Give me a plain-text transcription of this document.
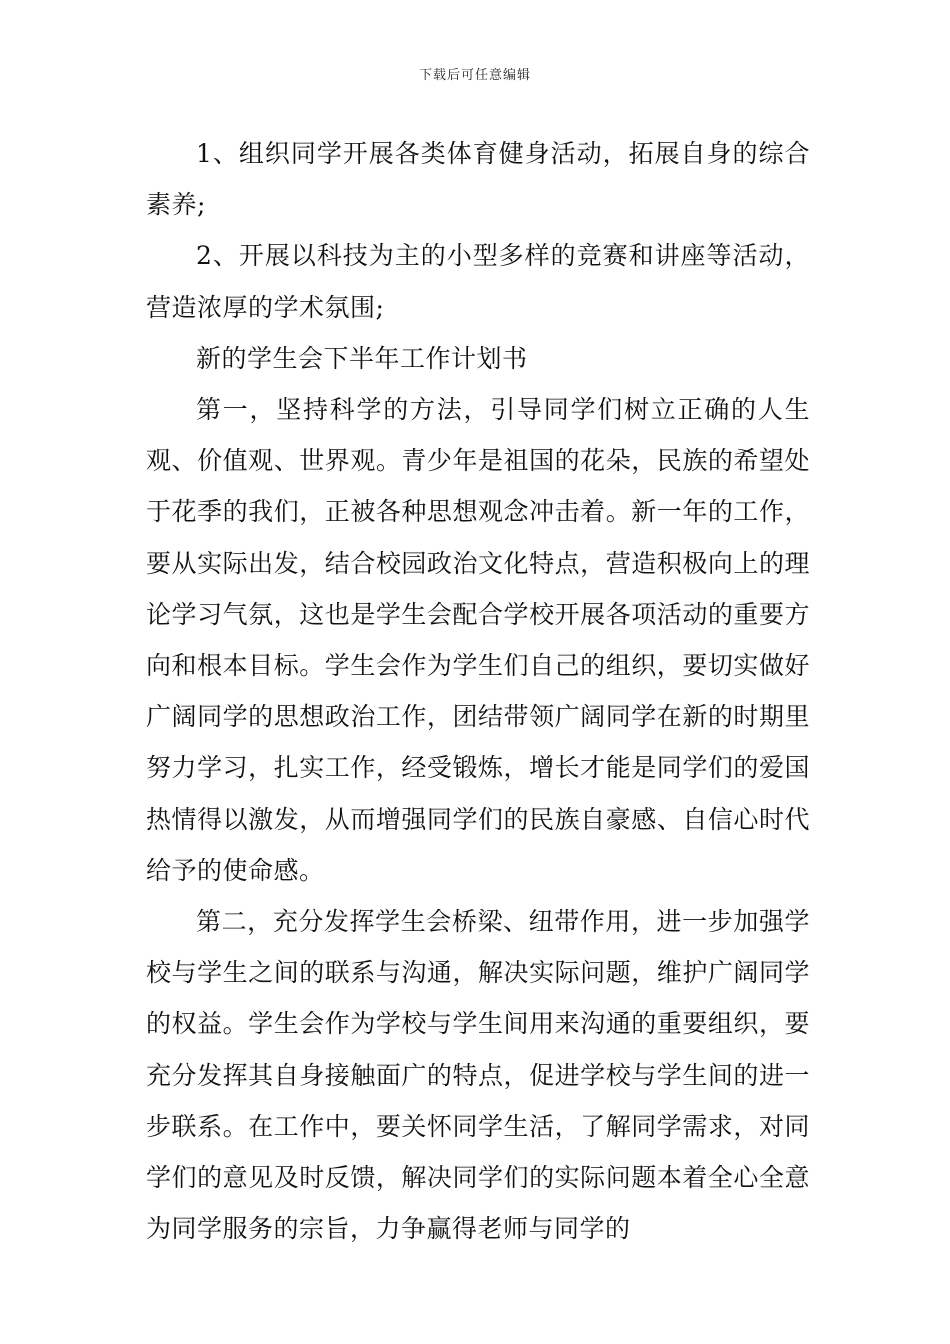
下载后可任意编辑

1、组织同学开展各类体育健身活动，拓展自身的综合素养;

2、开展以科技为主的小型多样的竞赛和讲座等活动，营造浓厚的学术氛围;

新的学生会下半年工作计划书

第一，坚持科学的方法，引导同学们树立正确的人生观、价值观、世界观。青少年是祖国的花朵，民族的希望处于花季的我们，正被各种思想观念冲击着。新一年的工作，要从实际出发，结合校园政治文化特点，营造积极向上的理论学习气氛，这也是学生会配合学校开展各项活动的重要方向和根本目标。学生会作为学生们自己的组织，要切实做好广阔同学的思想政治工作，团结带领广阔同学在新的时期里努力学习，扎实工作，经受锻炼，增长才能是同学们的爱国热情得以激发，从而增强同学们的民族自豪感、自信心时代给予的使命感。

第二，充分发挥学生会桥梁、纽带作用，进一步加强学校与学生之间的联系与沟通，解决实际问题，维护广阔同学的权益。学生会作为学校与学生间用来沟通的重要组织，要充分发挥其自身接触面广的特点，促进学校与学生间的进一步联系。在工作中，要关怀同学生活，了解同学需求，对同学们的意见及时反馈，解决同学们的实际问题本着全心全意为同学服务的宗旨，力争赢得老师与同学的
